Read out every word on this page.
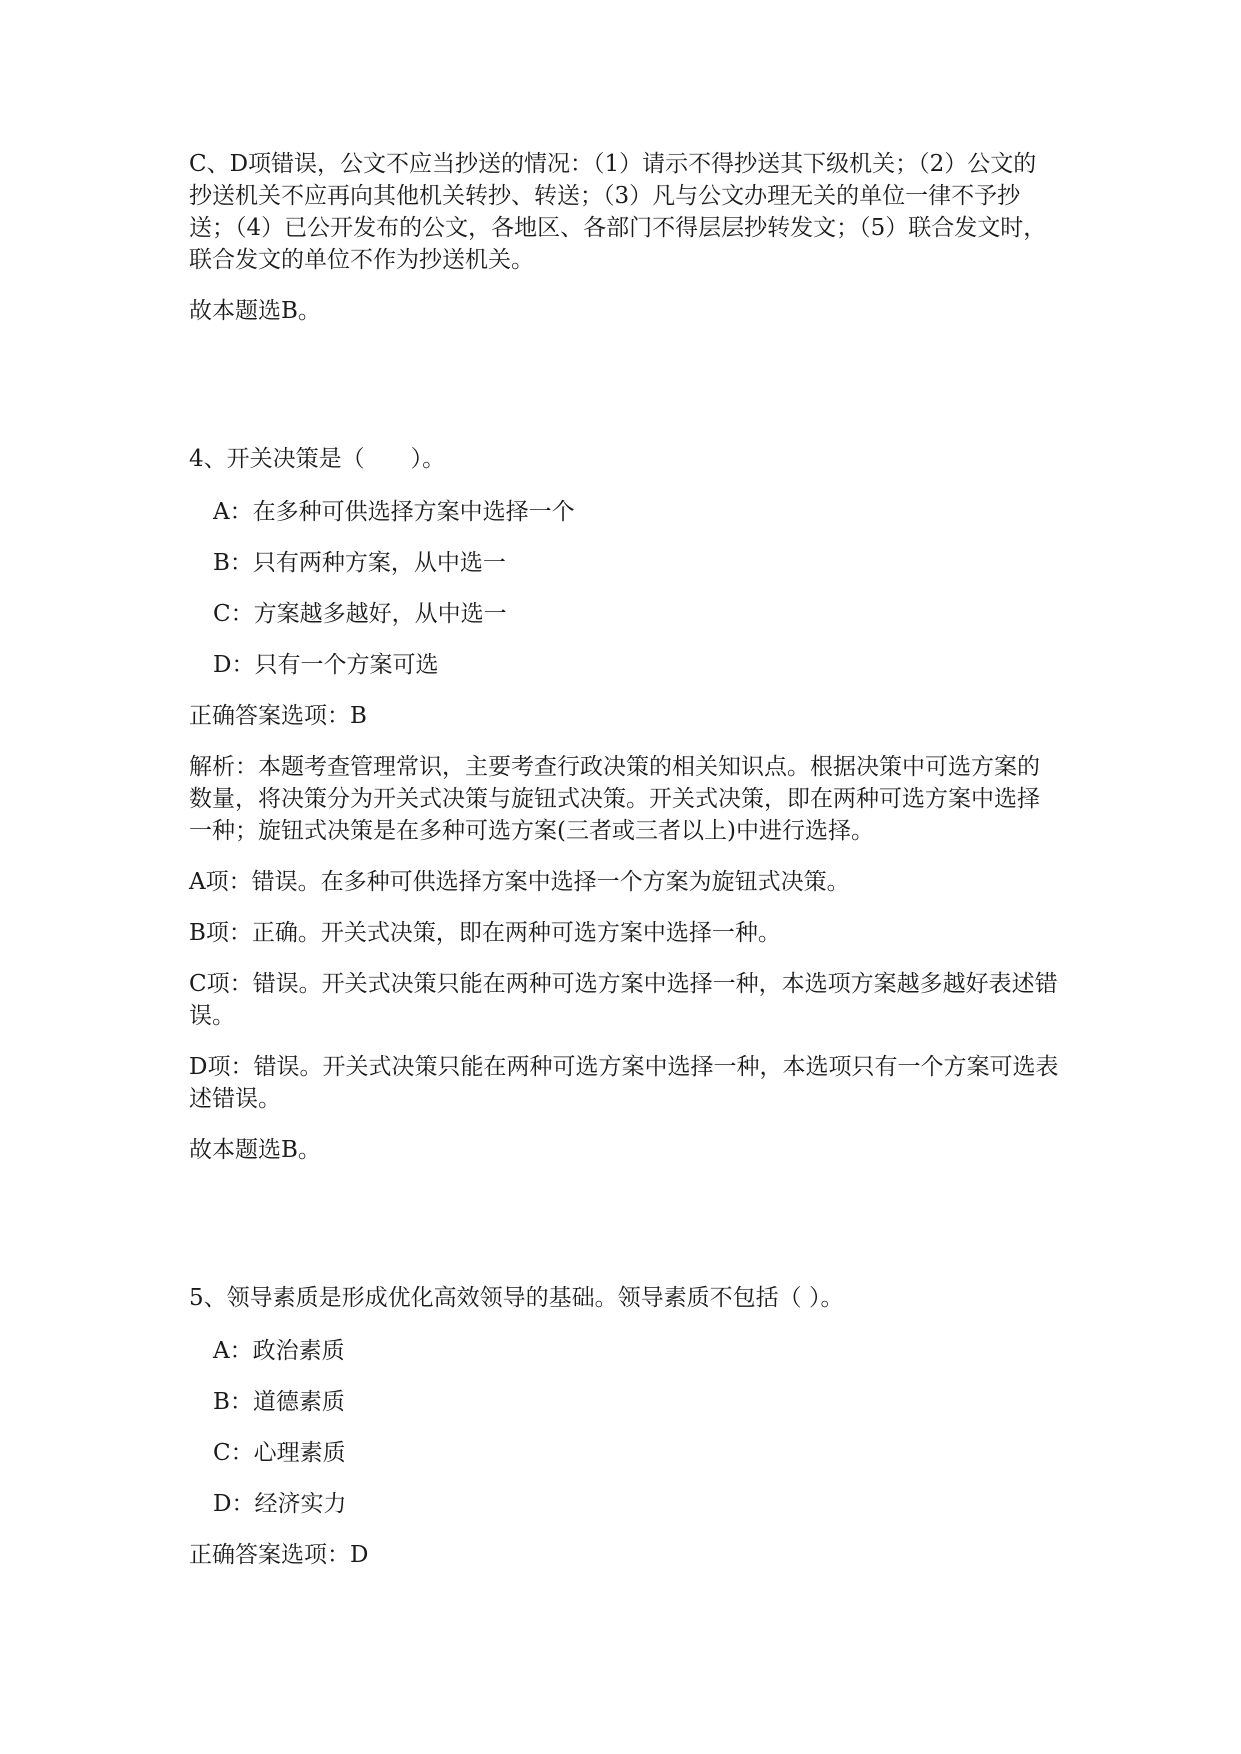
C、D项错误，公文不应当抄送的情况：（1）请示不得抄送其下级机关；（2）公文的抄送机关不应再向其他机关转抄、转送；（3）凡与公文办理无关的单位一律不予抄送；（4）已公开发布的公文，各地区、各部门不得层层抄转发文；（5）联合发文时，联合发文的单位不作为抄送机关。

故本题选B。

4、开关决策是（　　）。

A：在多种可供选择方案中选择一个

B：只有两种方案，从中选一

C：方案越多越好，从中选一

D：只有一个方案可选

正确答案选项：B

解析：本题考查管理常识，主要考查行政决策的相关知识点。根据决策中可选方案的数量，将决策分为开关式决策与旋钮式决策。开关式决策，即在两种可选方案中选择一种；旋钮式决策是在多种可选方案(三者或三者以上)中进行选择。

A项：错误。在多种可供选择方案中选择一个方案为旋钮式决策。

B项：正确。开关式决策，即在两种可选方案中选择一种。

C项：错误。开关式决策只能在两种可选方案中选择一种，本选项方案越多越好表述错误。

D项：错误。开关式决策只能在两种可选方案中选择一种，本选项只有一个方案可选表述错误。

故本题选B。

5、领导素质是形成优化高效领导的基础。领导素质不包括（ ）。

A：政治素质

B：道德素质

C：心理素质

D：经济实力

正确答案选项：D
